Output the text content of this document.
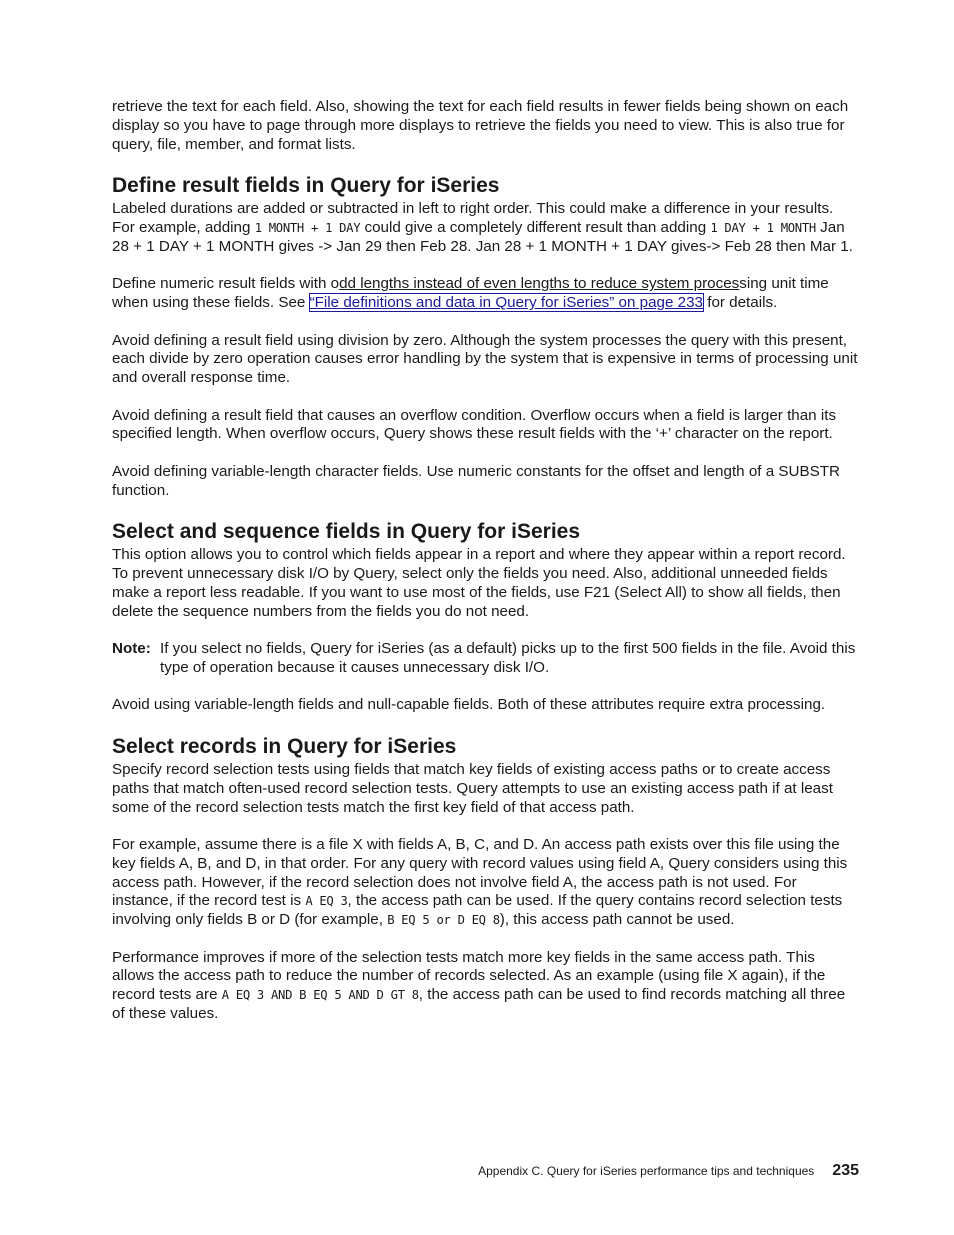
retrieve the text for each field. Also, showing the text for each field results in fewer fields being shown on each display so you have to page through more displays to retrieve the fields you need to view. This is also true for query, file, member, and format lists.

Define result fields in Query for iSeries

Labeled durations are added or subtracted in left to right order. This could make a difference in your results. For example, adding 1 MONTH + 1 DAY could give a completely different result than adding 1 DAY + 1 MONTH Jan 28 + 1 DAY + 1 MONTH gives -> Jan 29 then Feb 28. Jan 28 + 1 MONTH + 1 DAY gives-> Feb 28 then Mar 1.

Define numeric result fields with odd lengths instead of even lengths to reduce system processing unit time when using these fields. See “File definitions and data in Query for iSeries” on page 233 for details.

Avoid defining a result field using division by zero. Although the system processes the query with this present, each divide by zero operation causes error handling by the system that is expensive in terms of processing unit and overall response time.

Avoid defining a result field that causes an overflow condition. Overflow occurs when a field is larger than its specified length. When overflow occurs, Query shows these result fields with the ‘+’ character on the report.

Avoid defining variable-length character fields. Use numeric constants for the offset and length of a SUBSTR function.

Select and sequence fields in Query for iSeries

This option allows you to control which fields appear in a report and where they appear within a report record. To prevent unnecessary disk I/O by Query, select only the fields you need. Also, additional unneeded fields make a report less readable. If you want to use most of the fields, use F21 (Select All) to show all fields, then delete the sequence numbers from the fields you do not need.

Note: If you select no fields, Query for iSeries (as a default) picks up to the first 500 fields in the file. Avoid this type of operation because it causes unnecessary disk I/O.

Avoid using variable-length fields and null-capable fields. Both of these attributes require extra processing.

Select records in Query for iSeries

Specify record selection tests using fields that match key fields of existing access paths or to create access paths that match often-used record selection tests. Query attempts to use an existing access path if at least some of the record selection tests match the first key field of that access path.

For example, assume there is a file X with fields A, B, C, and D. An access path exists over this file using the key fields A, B, and D, in that order. For any query with record values using field A, Query considers using this access path. However, if the record selection does not involve field A, the access path is not used. For instance, if the record test is A EQ 3, the access path can be used. If the query contains record selection tests involving only fields B or D (for example, B EQ 5 or D EQ 8), this access path cannot be used.

Performance improves if more of the selection tests match more key fields in the same access path. This allows the access path to reduce the number of records selected. As an example (using file X again), if the record tests are A EQ 3 AND B EQ 5 AND D GT 8, the access path can be used to find records matching all three of these values.

Appendix C. Query for iSeries performance tips and techniques 235
